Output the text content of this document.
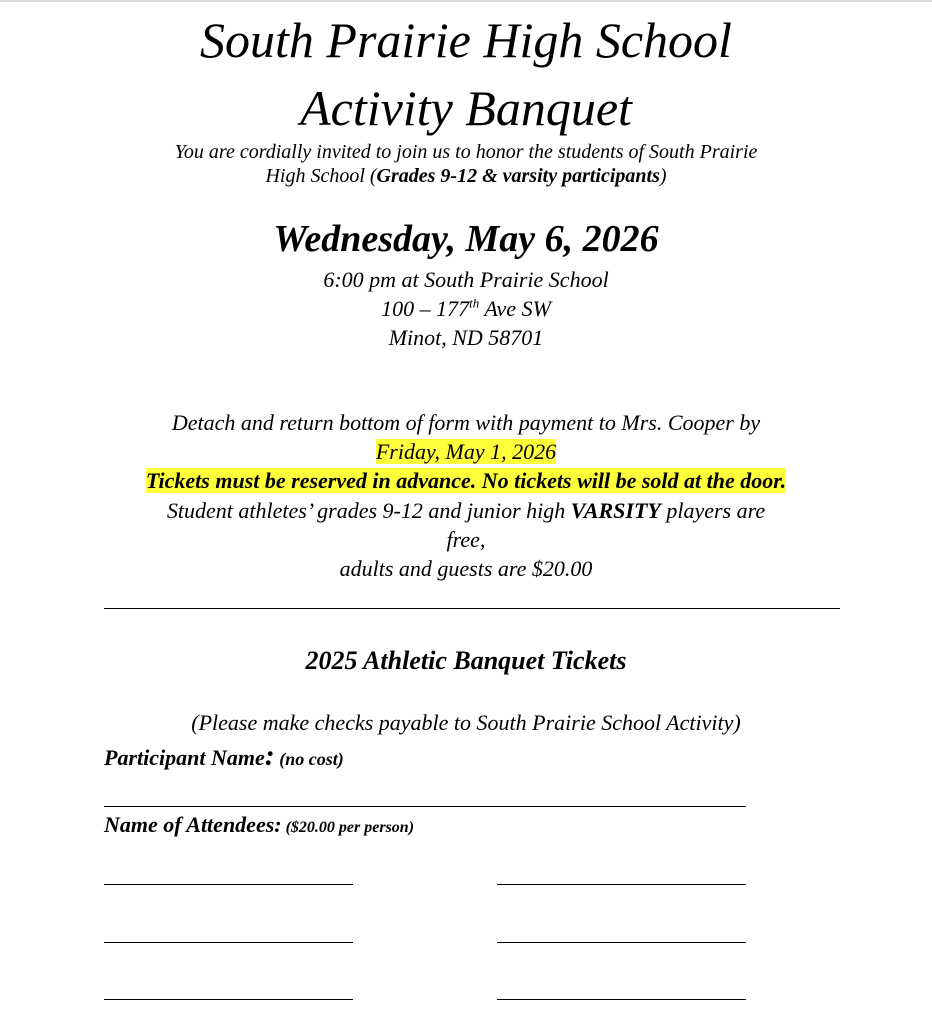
South Prairie High School
Activity Banquet
You are cordially invited to join us to honor the students of South Prairie
High School (Grades 9-12 & varsity participants)
Wednesday, May 6, 2026
6:00 pm at South Prairie School
100 – 177th Ave SW
Minot, ND 58701
Detach and return bottom of form with payment to Mrs. Cooper by
Friday, May 1, 2026
Tickets must be reserved in advance. No tickets will be sold at the door.
Student athletes’ grades 9-12 and junior high VARSITY players are
free,
adults and guests are $20.00
2025 Athletic Banquet Tickets
(Please make checks payable to South Prairie School Activity)
Participant Name: (no cost)
Name of Attendees: ($20.00 per person)
